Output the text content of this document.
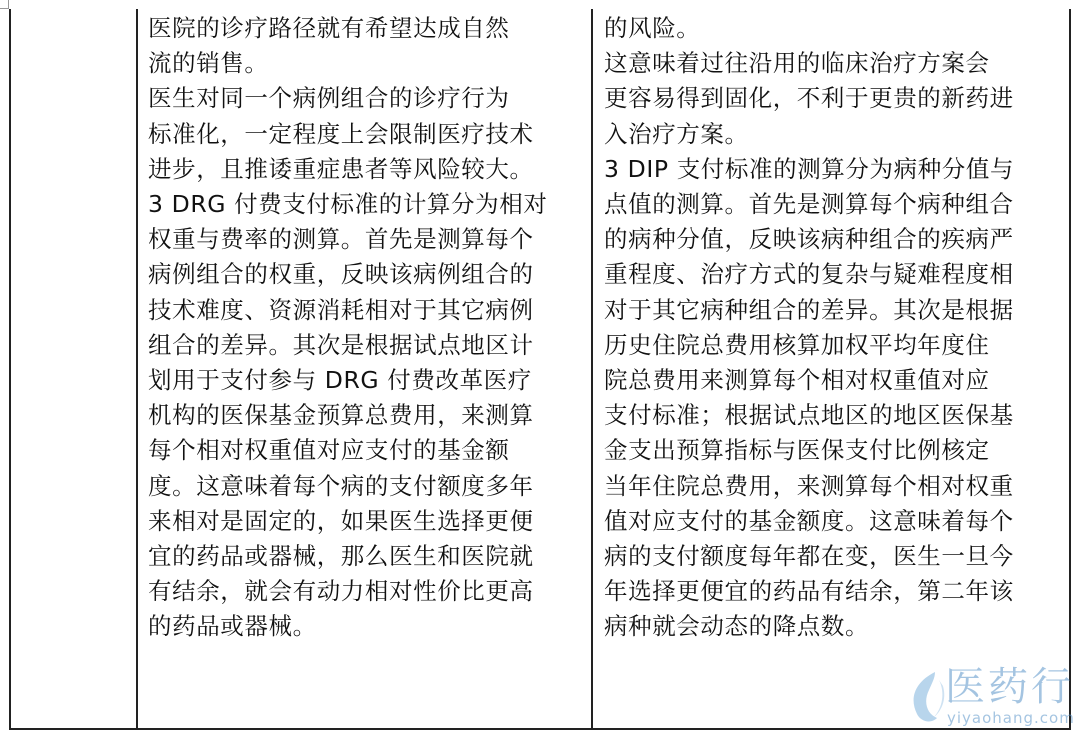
医院的诊疗路径就有希望达成自然

流的销售。

医生对同一个病例组合的诊疗行为

标准化，一定程度上会限制医疗技术

进步，且推诿重症患者等风险较大。

3 DRG 付费支付标准的计算分为相对

权重与费率的测算。首先是测算每个

病例组合的权重，反映该病例组合的

技术难度、资源消耗相对于其它病例

组合的差异。其次是根据试点地区计

划用于支付参与 DRG 付费改革医疗

机构的医保基金预算总费用，来测算

每个相对权重值对应支付的基金额

度。这意味着每个病的支付额度多年

来相对是固定的，如果医生选择更便

宜的药品或器械，那么医生和医院就

有结余，就会有动力相对性价比更高

的药品或器械。

的风险。

这意味着过往沿用的临床治疗方案会

更容易得到固化，不利于更贵的新药进

入治疗方案。

3 DIP 支付标准的测算分为病种分值与

点值的测算。首先是测算每个病种组合

的病种分值，反映该病种组合的疾病严

重程度、治疗方式的复杂与疑难程度相

对于其它病种组合的差异。其次是根据

历史住院总费用核算加权平均年度住

院总费用来测算每个相对权重值对应

支付标准；根据试点地区的地区医保基

金支出预算指标与医保支付比例核定

当年住院总费用，来测算每个相对权重

值对应支付的基金额度。这意味着每个

病的支付额度每年都在变，医生一旦今

年选择更便宜的药品有结余，第二年该

病种就会动态的降点数。

医药行
yiyaohang.com
